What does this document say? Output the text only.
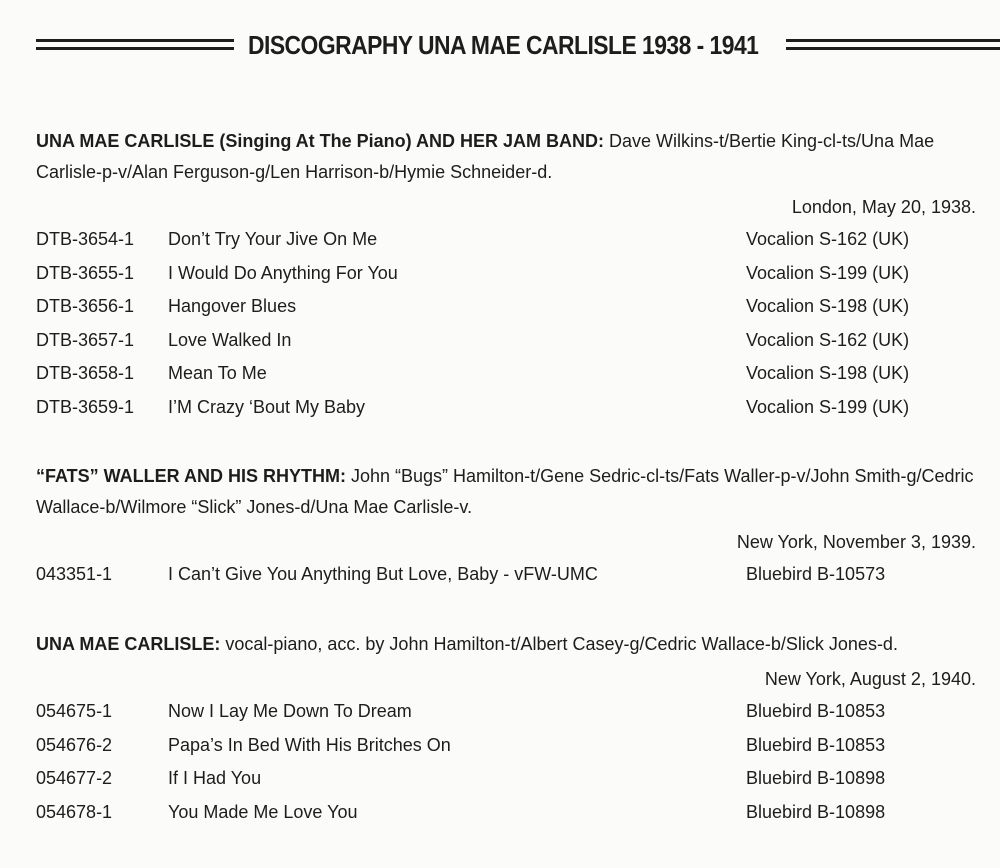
DISCOGRAPHY UNA MAE CARLISLE 1938 - 1941

UNA MAE CARLISLE (Singing At The Piano) AND HER JAM BAND: Dave Wilkins-t/Bertie King-cl-ts/Una Mae Carlisle-p-v/Alan Ferguson-g/Len Harrison-b/Hymie Schneider-d.

London, May 20, 1938.
DTB-3654-1 Don’t Try Your Jive On Me	Vocalion S-162 (UK)
DTB-3655-1 I Would Do Anything For You	Vocalion S-199 (UK)
DTB-3656-1 Hangover Blues	Vocalion S-198 (UK)
DTB-3657-1 Love Walked In	Vocalion S-162 (UK)
DTB-3658-1 Mean To Me	Vocalion S-198 (UK)
DTB-3659-1 I’M Crazy ‘Bout My Baby	Vocalion S-199 (UK)

“FATS” WALLER AND HIS RHYTHM: John “Bugs” Hamilton-t/Gene Sedric-cl-ts/Fats Waller-p-v/John Smith-g/Cedric Wallace-b/Wilmore “Slick” Jones-d/Una Mae Carlisle-v.

New York, November 3, 1939.
043351-1	I Can’t Give You Anything But Love, Baby - vFW-UMC	Bluebird B-10573

UNA MAE CARLISLE: vocal-piano, acc. by John Hamilton-t/Albert Casey-g/Cedric Wallace-b/Slick Jones-d.

New York, August 2, 1940.
054675-1	Now I Lay Me Down To Dream	Bluebird B-10853
054676-2	Papa’s In Bed With His Britches On	Bluebird B-10853
054677-2	If I Had You	Bluebird B-10898
054678-1	You Made Me Love You	Bluebird B-10898
